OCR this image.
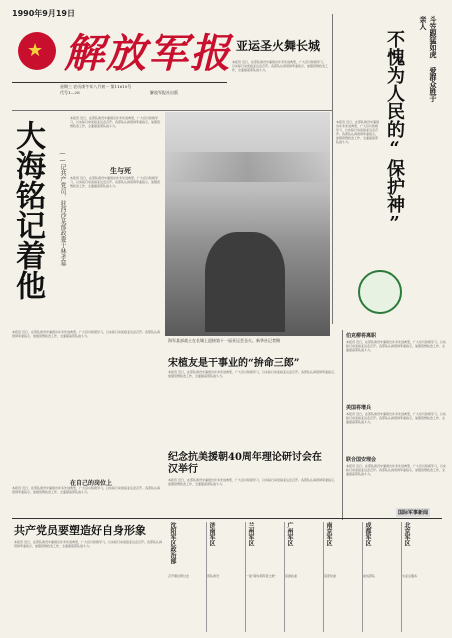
1990年9月19日
★ 解放军报
星期三 农历庚午年八月初一 第11610号
代号1—28	解放军报社出版
亚运圣火舞长城
本报讯 近日，在部队建设中涌现出许多先进典型，广大官兵积极学习，以实际行动迎接亚运会召开。各部队认真贯彻军委指示，加强思想政治工作，全面提高部队战斗力。	斗笠跟猛如虎 爱群众胜于亲人
不愧为人民的“保护神”
本报讯 近日，在部队建设中涌现出许多先进典型，广大官兵积极学习，以实际行动迎接亚运会召开。各部队认真贯彻军委指示，加强思想政治工作，全面提高部队战斗力。
大海铭记着他 ——记共产党员、驻西沙某部政委于林孝幕
本报讯 近日，在部队建设中涌现出许多先进典型，广大官兵积极学习，以实际行动迎接亚运会召开。各部队认真贯彻军委指示，加强思想政治工作，全面提高部队战斗力。
生与死
本报讯 近日，在部队建设中涌现出许多先进典型，广大官兵积极学习，以实际行动迎接亚运会召开。各部队认真贯彻军委指示，加强思想政治工作，全面提高部队战斗力。
本报讯 近日，在部队建设中涌现出许多先进典型，广大官兵积极学习，以实际行动迎接亚运会召开。各部队认真贯彻军委指示，加强思想政治工作，全面提高部队战斗力。
在自己的岗位上
本报讯 近日，在部队建设中涌现出许多先进典型，广大官兵积极学习，以实际行动迎接亚运会召开。各部队认真贯彻军委指示，加强思想政治工作，全面提高部队战斗力。
海军某部战士在长城上迎接第十一届亚运会圣火。新华社记者摄
宋植友是干事业的“拚命三郎”
本报讯 近日，在部队建设中涌现出许多先进典型，广大官兵积极学习，以实际行动迎接亚运会召开。各部队认真贯彻军委指示，加强思想政治工作，全面提高部队战斗力。
纪念抗美援朝40周年理论研讨会在汉举行
本报讯 近日，在部队建设中涌现出许多先进典型，广大官兵积极学习，以实际行动迎接亚运会召开。各部队认真贯彻军委指示，加强思想政治工作，全面提高部队战斗力。
伯克柳将离职
本报讯 近日，在部队建设中涌现出许多先进典型，广大官兵积极学习，以实际行动迎接亚运会召开。各部队认真贯彻军委指示，加强思想政治工作，全面提高部队战斗力。
美国将增兵
本报讯 近日，在部队建设中涌现出许多先进典型，广大官兵积极学习，以实际行动迎接亚运会召开。各部队认真贯彻军委指示，加强思想政治工作，全面提高部队战斗力。
联合国安理会
本报讯 近日，在部队建设中涌现出许多先进典型，广大官兵积极学习，以实际行动迎接亚运会召开。各部队认真贯彻军委指示，加强思想政治工作，全面提高部队战斗力。
共产党员要塑造好自身形象
本报讯 近日，在部队建设中涌现出许多先进典型，广大官兵积极学习，以实际行动迎接亚运会召开。各部队认真贯彻军委指示，加强思想政治工作，全面提高部队战斗力。	沈阳军区政治部
召开理论研讨会
济南军区
部队建设
兰州军区
一届“新时期军营之歌”
广州军区
某团政委
南京军区
某部党委
成都军区
前线部队
北京军区
为亚运服务
国际军事新闻
